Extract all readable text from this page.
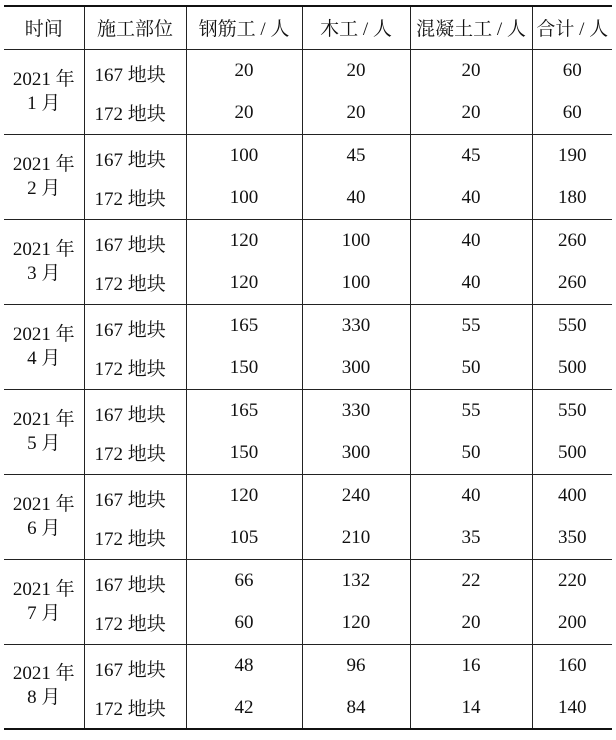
时间	施工部位	钢筋工 / 人	木工 / 人	混凝土工 / 人	合计 / 人

2021 年
1 月	167 地块	20	20	20	60
	172 地块	20	20	20	60

2021 年
2 月	167 地块	100	45	45	190
	172 地块	100	40	40	180

2021 年
3 月	167 地块	120	100	40	260
	172 地块	120	100	40	260

2021 年
4 月	167 地块	165	330	55	550
	172 地块	150	300	50	500

2021 年
5 月	167 地块	165	330	55	550
	172 地块	150	300	50	500

2021 年
6 月	167 地块	120	240	40	400
	172 地块	105	210	35	350

2021 年
7 月	167 地块	66	132	22	220
	172 地块	60	120	20	200

2021 年
8 月	167 地块	48	96	16	160
	172 地块	42	84	14	140
